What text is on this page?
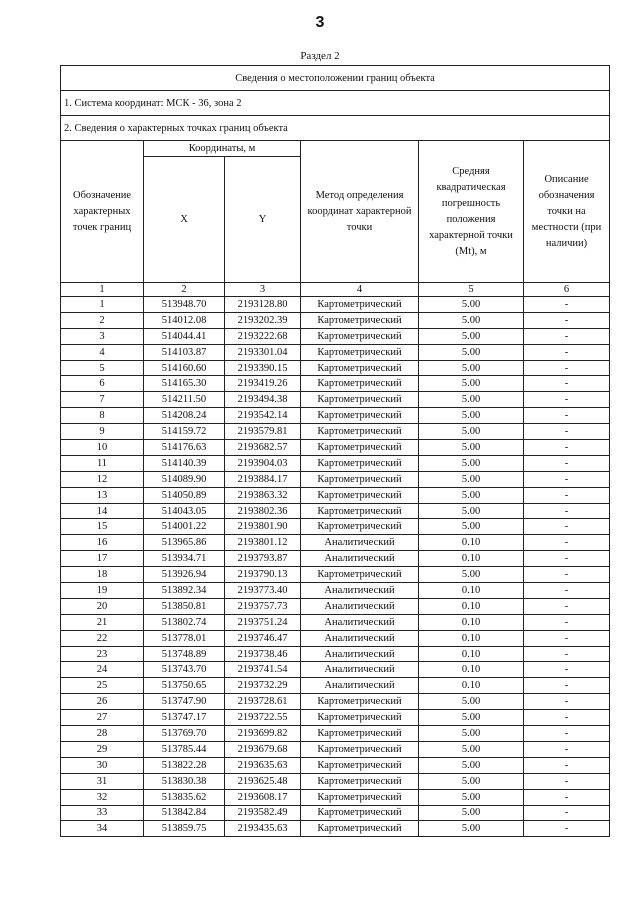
3
Раздел 2
Сведения о местоположении границ объекта					
1. Система координат: МСК - 36, зона 2					
2. Сведения о характерных точках границ объекта					
Обозначение характерных точек границ	Координаты, м		Метод определения координат характерной точки	Средняя квадратическая погрешность положения характерной точки (Mt), м	Описание обозначения точки на местности (при наличии)
	X	Y			
1	2	3	4	5	6
1	513948.70	2193128.80	Картометрический	5.00	-
2	514012.08	2193202.39	Картометрический	5.00	-
3	514044.41	2193222.68	Картометрический	5.00	-
4	514103.87	2193301.04	Картометрический	5.00	-
5	514160.60	2193390.15	Картометрический	5.00	-
6	514165.30	2193419.26	Картометрический	5.00	-
7	514211.50	2193494.38	Картометрический	5.00	-
8	514208.24	2193542.14	Картометрический	5.00	-
9	514159.72	2193579.81	Картометрический	5.00	-
10	514176.63	2193682.57	Картометрический	5.00	-
11	514140.39	2193904.03	Картометрический	5.00	-
12	514089.90	2193884.17	Картометрический	5.00	-
13	514050.89	2193863.32	Картометрический	5.00	-
14	514043.05	2193802.36	Картометрический	5.00	-
15	514001.22	2193801.90	Картометрический	5.00	-
16	513965.86	2193801.12	Аналитический	0.10	-
17	513934.71	2193793.87	Аналитический	0.10	-
18	513926.94	2193790.13	Картометрический	5.00	-
19	513892.34	2193773.40	Аналитический	0.10	-
20	513850.81	2193757.73	Аналитический	0.10	-
21	513802.74	2193751.24	Аналитический	0.10	-
22	513778.01	2193746.47	Аналитический	0.10	-
23	513748.89	2193738.46	Аналитический	0.10	-
24	513743.70	2193741.54	Аналитический	0.10	-
25	513750.65	2193732.29	Аналитический	0.10	-
26	513747.90	2193728.61	Картометрический	5.00	-
27	513747.17	2193722.55	Картометрический	5.00	-
28	513769.70	2193699.82	Картометрический	5.00	-
29	513785.44	2193679.68	Картометрический	5.00	-
30	513822.28	2193635.63	Картометрический	5.00	-
31	513830.38	2193625.48	Картометрический	5.00	-
32	513835.62	2193608.17	Картометрический	5.00	-
33	513842.84	2193582.49	Картометрический	5.00	-
34	513859.75	2193435.63	Картометрический	5.00	-
